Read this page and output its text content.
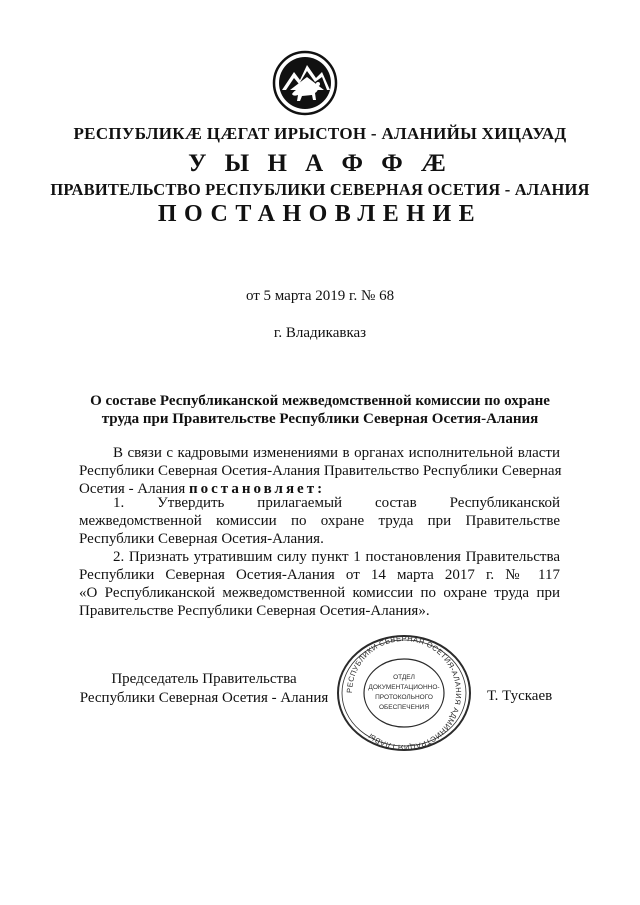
РЕСПУБЛИКӔ ЦӔГАТ ИРЫСТОН - АЛАНИЙЫ ХИЦАУАД
У Ы Н А Ф Ф Ӕ
ПРАВИТЕЛЬСТВО РЕСПУБЛИКИ СЕВЕРНАЯ ОСЕТИЯ - АЛАНИЯ
ПОСТАНОВЛЕНИЕ
от 5 марта 2019 г. № 68
г. Владикавказ
О составе Республиканской межведомственной комиссии по охране
труда при Правительстве Республики Северная Осетия-Алания
В связи с кадровыми изменениями в органах исполнительной власти
Республики Северная Осетия-Алания Правительство Республики Северная
Осетия - Алания постановляет:
1. Утвердить прилагаемый состав Республиканской
межведомственной комиссии по охране труда при Правительстве
Республики Северная Осетия-Алания.
2. Признать утратившим силу пункт 1 постановления Правительства
Республики Северная Осетия-Алания от 14 марта 2017 г. № 117
«О Республиканской межведомственной комиссии по охране труда при
Правительстве Республики Северная Осетия-Алания».
Председатель Правительства
Республики Северная Осетия - Алания РЕСПУБЛИКИ СЕВЕРНАЯ ОСЕТИЯ-АЛАНИЯ АДМИНИСТРАЦИЯ ГЛАВЫ
ОТДЕЛ
ДОКУМЕНТАЦИОННО-
ПРОТОКОЛЬНОГО
ОБЕСПЕЧЕНИЯ
Т. Тускаев
